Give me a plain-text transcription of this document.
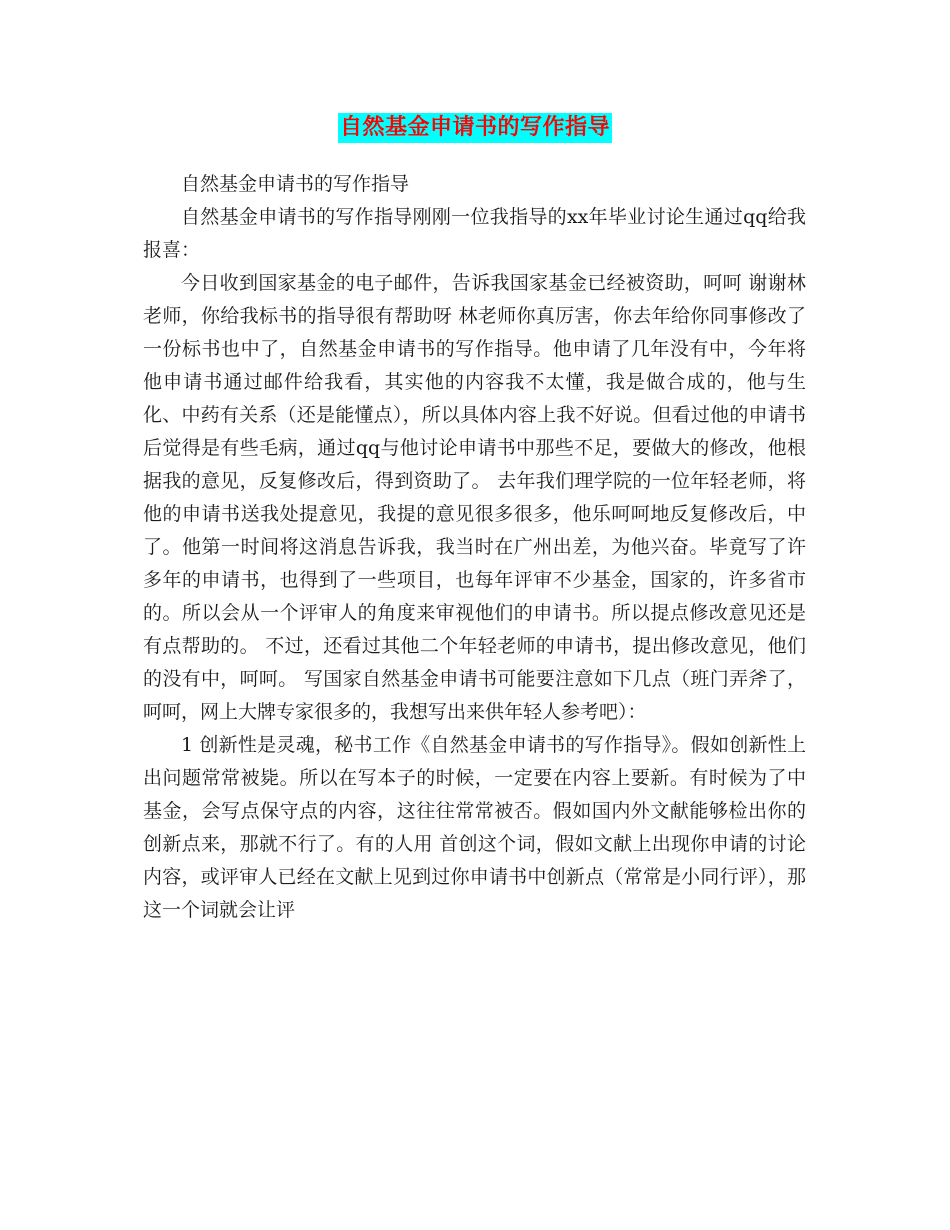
自然基金申请书的写作指导

自然基金申请书的写作指导

自然基金申请书的写作指导刚刚一位我指导的xx年毕业讨论生通过qq给我报喜：

今日收到国家基金的电子邮件，告诉我国家基金已经被资助，呵呵 谢谢林老师，你给我标书的指导很有帮助呀 林老师你真厉害，你去年给你同事修改了一份标书也中了，自然基金申请书的写作指导。他申请了几年没有中，今年将他申请书通过邮件给我看，其实他的内容我不太懂，我是做合成的，他与生化、中药有关系（还是能懂点），所以具体内容上我不好说。但看过他的申请书后觉得是有些毛病，通过qq与他讨论申请书中那些不足，要做大的修改，他根据我的意见，反复修改后，得到资助了。 去年我们理学院的一位年轻老师，将他的申请书送我处提意见，我提的意见很多很多，他乐呵呵地反复修改后，中了。他第一时间将这消息告诉我，我当时在广州出差，为他兴奋。毕竟写了许多年的申请书，也得到了一些项目，也每年评审不少基金，国家的，许多省市的。所以会从一个评审人的角度来审视他们的申请书。所以提点修改意见还是有点帮助的。 不过，还看过其他二个年轻老师的申请书，提出修改意见，他们的没有中，呵呵。 写国家自然基金申请书可能要注意如下几点（班门弄斧了，呵呵，网上大牌专家很多的，我想写出来供年轻人参考吧）：

1 创新性是灵魂，秘书工作《自然基金申请书的写作指导》。假如创新性上出问题常常被毙。所以在写本子的时候，一定要在内容上要新。有时候为了中基金，会写点保守点的内容，这往往常常被否。假如国内外文献能够检出你的创新点来，那就不行了。有的人用 首创这个词，假如文献上出现你申请的讨论内容，或评审人已经在文献上见到过你申请书中创新点（常常是小同行评），那这一个词就会让评
